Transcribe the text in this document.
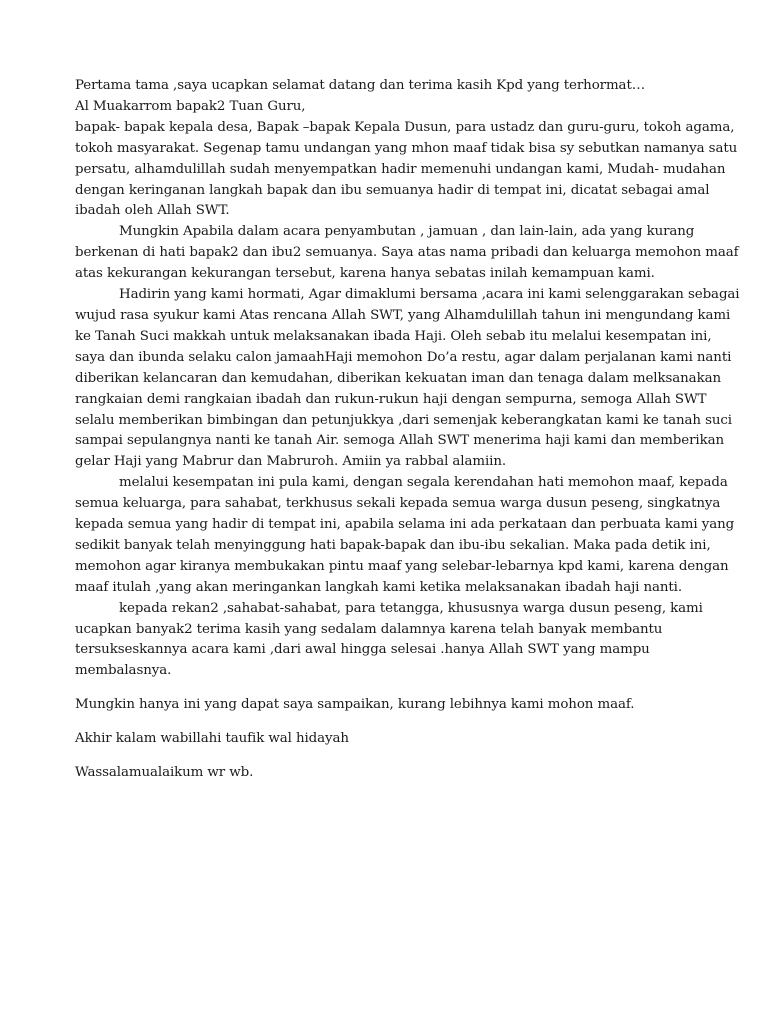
Pertama tama ,saya ucapkan selamat datang dan terima kasih Kpd yang terhormat…
Al Muakarrom bapak2 Tuan Guru,
bapak- bapak kepala desa, Bapak –bapak Kepala Dusun, para ustadz dan guru-guru, tokoh agama,
tokoh masyarakat. Segenap tamu undangan yang mhon maaf tidak bisa sy sebutkan namanya satu
persatu, alhamdulillah sudah menyempatkan hadir memenuhi undangan kami, Mudah- mudahan
dengan keringanan langkah bapak dan ibu semuanya hadir di tempat ini, dicatat sebagai amal
ibadah oleh Allah SWT.
Mungkin Apabila dalam acara penyambutan , jamuan , dan lain-lain, ada yang kurang
berkenan di hati bapak2 dan ibu2 semuanya. Saya atas nama pribadi dan keluarga memohon maaf
atas kekurangan kekurangan tersebut, karena hanya sebatas inilah kemampuan kami.
Hadirin yang kami hormati, Agar dimaklumi bersama ,acara ini kami selenggarakan sebagai
wujud rasa syukur kami Atas rencana Allah SWT, yang Alhamdulillah tahun ini mengundang kami
ke Tanah Suci makkah untuk melaksanakan ibada Haji. Oleh sebab itu melalui kesempatan ini,
saya dan ibunda selaku calon jamaahHaji memohon Do’a restu, agar dalam perjalanan kami nanti
diberikan kelancaran dan kemudahan, diberikan kekuatan iman dan tenaga dalam melksanakan
rangkaian demi rangkaian ibadah dan rukun-rukun haji dengan sempurna, semoga Allah SWT
selalu memberikan bimbingan dan petunjukkya ,dari semenjak keberangkatan kami ke tanah suci
sampai sepulangnya nanti ke tanah Air. semoga Allah SWT menerima haji kami dan memberikan
gelar Haji yang Mabrur dan Mabruroh. Amiin ya rabbal alamiin.
melalui kesempatan ini pula kami, dengan segala kerendahan hati memohon maaf, kepada
semua keluarga, para sahabat, terkhusus sekali kepada semua warga dusun peseng, singkatnya
kepada semua yang hadir di tempat ini, apabila selama ini ada perkataan dan perbuata kami yang
sedikit banyak telah menyinggung hati bapak-bapak dan ibu-ibu sekalian. Maka pada detik ini,
memohon agar kiranya membukakan pintu maaf yang selebar-lebarnya kpd kami, karena dengan
maaf itulah ,yang akan meringankan langkah kami ketika melaksanakan ibadah haji nanti.
kepada rekan2 ,sahabat-sahabat, para tetangga, khususnya warga dusun peseng, kami
ucapkan banyak2 terima kasih yang sedalam dalamnya karena telah banyak membantu
tersukseskannya acara kami ,dari awal hingga selesai .hanya Allah SWT yang mampu
membalasnya.

Mungkin hanya ini yang dapat saya sampaikan, kurang lebihnya kami mohon maaf.

Akhir kalam wabillahi taufik wal hidayah

Wassalamualaikum wr wb.
